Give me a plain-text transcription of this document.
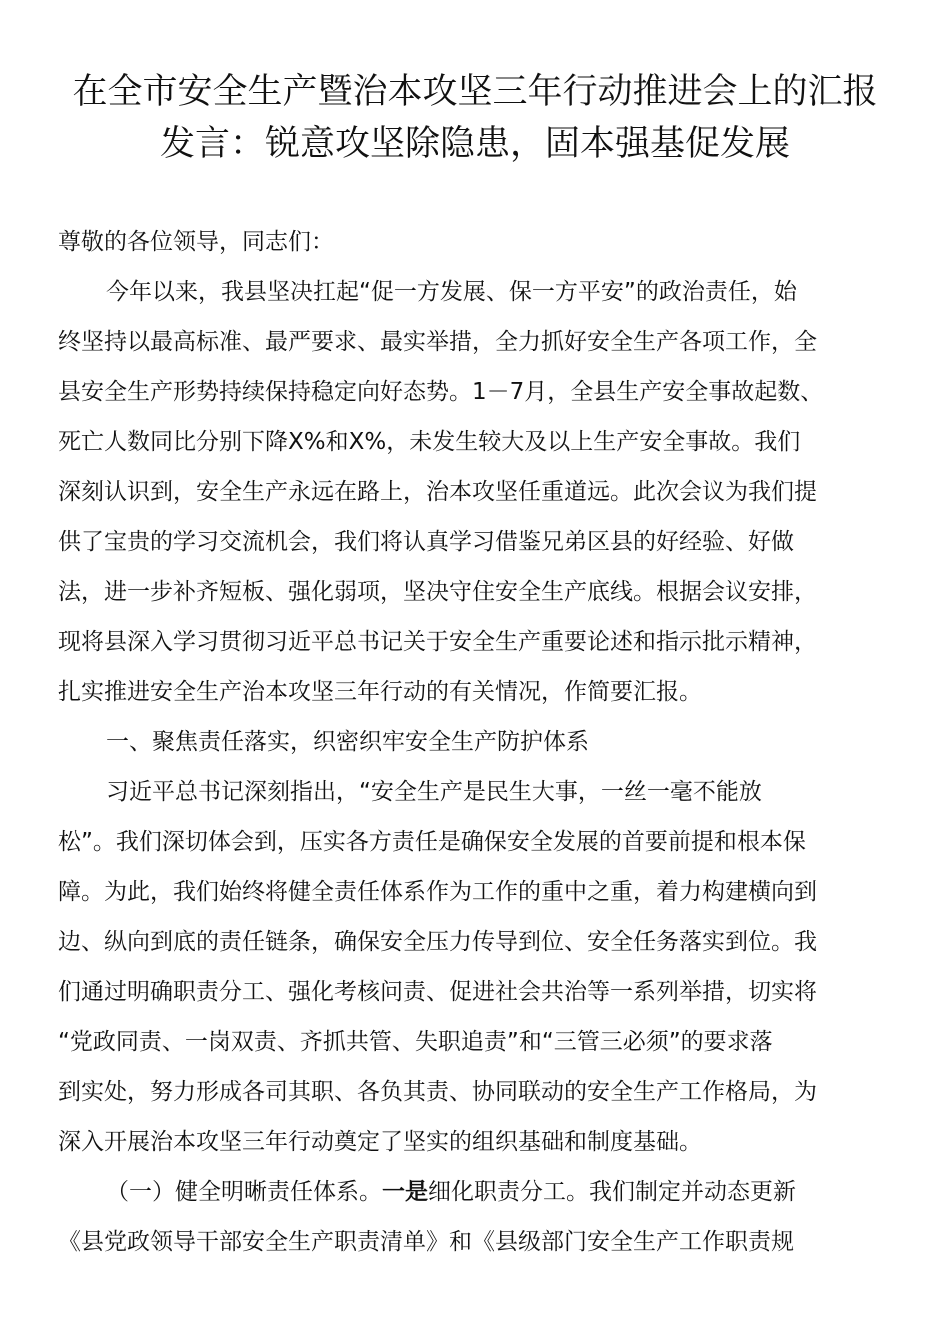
在全市安全生产暨治本攻坚三年行动推进会上的汇报
发言：锐意攻坚除隐患，固本强基促发展
尊敬的各位领导，同志们：
今年以来，我县坚决扛起“促一方发展、保一方平安”的政治责任，始
终坚持以最高标准、最严要求、最实举措，全力抓好安全生产各项工作，全
县安全生产形势持续保持稳定向好态势。1－7月，全县生产安全事故起数、
死亡人数同比分别下降X%和X%，未发生较大及以上生产安全事故。我们
深刻认识到，安全生产永远在路上，治本攻坚任重道远。此次会议为我们提
供了宝贵的学习交流机会，我们将认真学习借鉴兄弟区县的好经验、好做
法，进一步补齐短板、强化弱项，坚决守住安全生产底线。根据会议安排，
现将县深入学习贯彻习近平总书记关于安全生产重要论述和指示批示精神，
扎实推进安全生产治本攻坚三年行动的有关情况，作简要汇报。
一、聚焦责任落实，织密织牢安全生产防护体系
习近平总书记深刻指出，“安全生产是民生大事，一丝一毫不能放
松”。我们深切体会到，压实各方责任是确保安全发展的首要前提和根本保
障。为此，我们始终将健全责任体系作为工作的重中之重，着力构建横向到
边、纵向到底的责任链条，确保安全压力传导到位、安全任务落实到位。我
们通过明确职责分工、强化考核问责、促进社会共治等一系列举措，切实将
“党政同责、一岗双责、齐抓共管、失职追责”和“三管三必须”的要求落
到实处，努力形成各司其职、各负其责、协同联动的安全生产工作格局，为
深入开展治本攻坚三年行动奠定了坚实的组织基础和制度基础。
（一）健全明晰责任体系。一是细化职责分工。我们制定并动态更新
《县党政领导干部安全生产职责清单》和《县级部门安全生产工作职责规
